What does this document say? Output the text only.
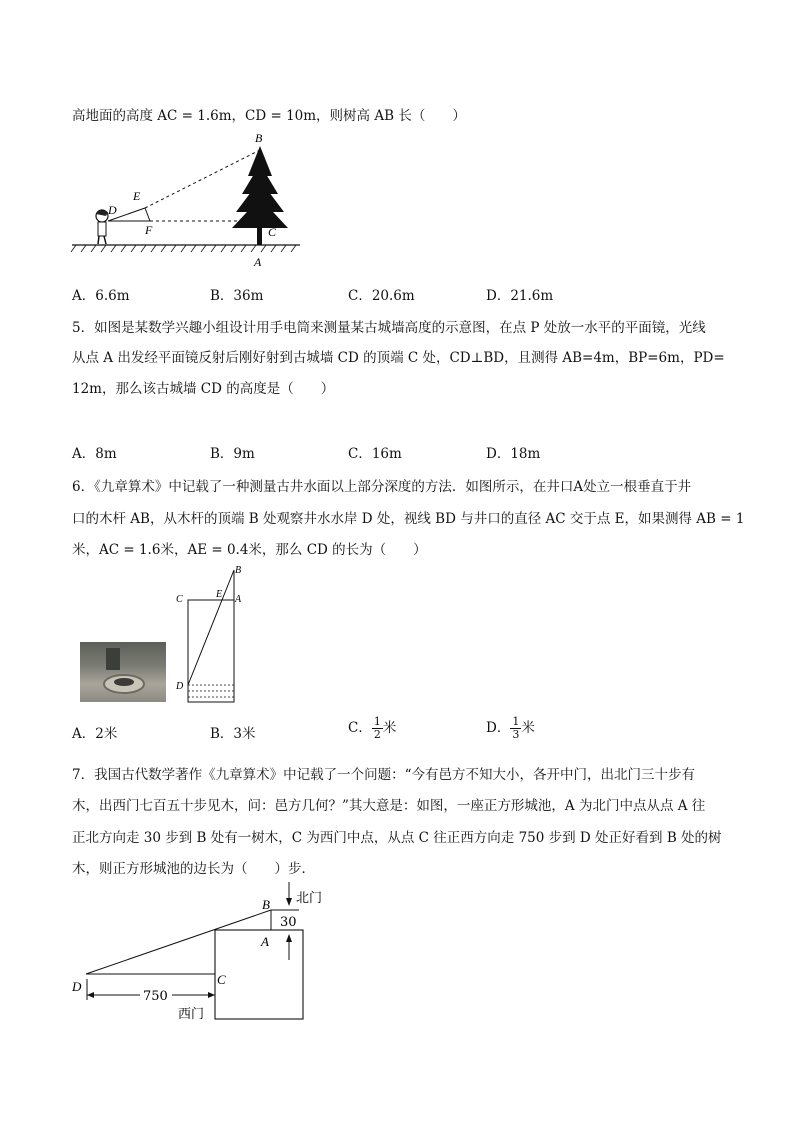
高地面的高度 AC = 1.6m，CD = 10m，则树高 AB 长（　　）
B
E
D
F	C
A
A．6.6m	B．36m	C．20.6m	D．21.6m
5．如图是某数学兴趣小组设计用手电筒来测量某古城墙高度的示意图，在点 P 处放一水平的平面镜，光线
从点 A 出发经平面镜反射后刚好射到古城墙 CD 的顶端 C 处，CD⊥BD，且测得 AB=4m，BP=6m，PD=
12m，那么该古城墙 CD 的高度是（　　）
A．8m	B．9m	C．16m	D．18m
6．《九章算术》中记载了一种测量古井水面以上部分深度的方法．如图所示，在井口A处立一根垂直于井
口的木杆 AB，从木杆的顶端 B 处观察井水水岸 D 处，视线 BD 与井口的直径 AC 交于点 E，如果测得 AB = 1
米，AC = 1.6米，AE = 0.4米，那么 CD 的长为（　　）
B
C	E A
D
A．2米	B．3米	C． $\frac{1}{2}$ 米	D． $\frac{1}{3}$ 米
7．我国古代数学著作《九章算术》中记载了一个问题：“今有邑方不知大小，各开中门，出北门三十步有
木，出西门七百五十步见木，问：邑方几何？”其大意是：如图，一座正方形城池，A 为北门中点从点 A 往
正北方向走 30 步到 B 处有一树木，C 为西门中点，从点 C 往正西方向走 750 步到 D 处正好看到 B 处的树
木，则正方形城池的边长为（　　）步．
北门
B
30
A
D	C
750
西门
